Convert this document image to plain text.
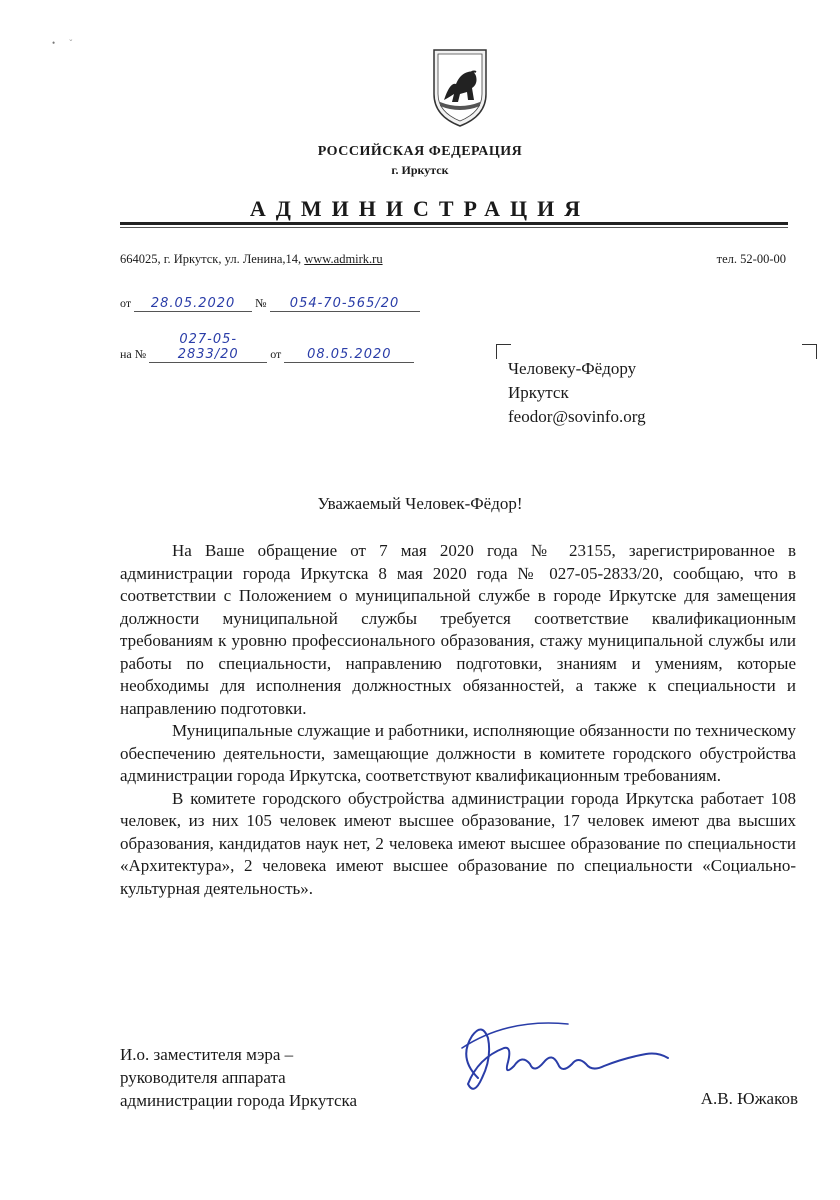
• ˘
РОССИЙСКАЯ ФЕДЕРАЦИЯ
г. Иркутск
АДМИНИСТРАЦИЯ
664025, г. Иркутск, ул. Ленина,14, www.admirk.ru	тел. 52-00-00
от 28.05.2020 № 054-70-565/20
на № 027-05-2833/20	от 08.05.2020
Человеку-Фёдору
Иркутск
feodor@sovinfo.org
Уважаемый Человек-Фёдор!

На Ваше обращение от 7 мая 2020 года № 23155, зарегистрированное в администрации города Иркутска 8 мая 2020 года № 027-05-2833/20, сообщаю, что в соответствии с Положением о муниципальной службе в городе Иркутске для замещения должности муниципальной службы требуется соответствие квалификационным требованиям к уровню профессионального образования, стажу муниципальной службы или работы по специальности, направлению подготовки, знаниям и умениям, которые необходимы для исполнения должностных обязанностей, а также к специальности и направлению подготовки.

Муниципальные служащие и работники, исполняющие обязанности по техническому обеспечению деятельности, замещающие должности в комитете городского обустройства администрации города Иркутска, соответствуют квалификационным требованиям.

В комитете городского обустройства администрации города Иркутска работает 108 человек, из них 105 человек имеют высшее образование, 17 человек имеют два высших образования, кандидатов наук нет, 2 человека имеют высшее образование по специальности «Архитектура», 2 человека имеют высшее образование по специальности «Социально-культурная деятельность».

И.о. заместителя мэра –
руководителя аппарата
администрации города Иркутска	А.В. Южаков
